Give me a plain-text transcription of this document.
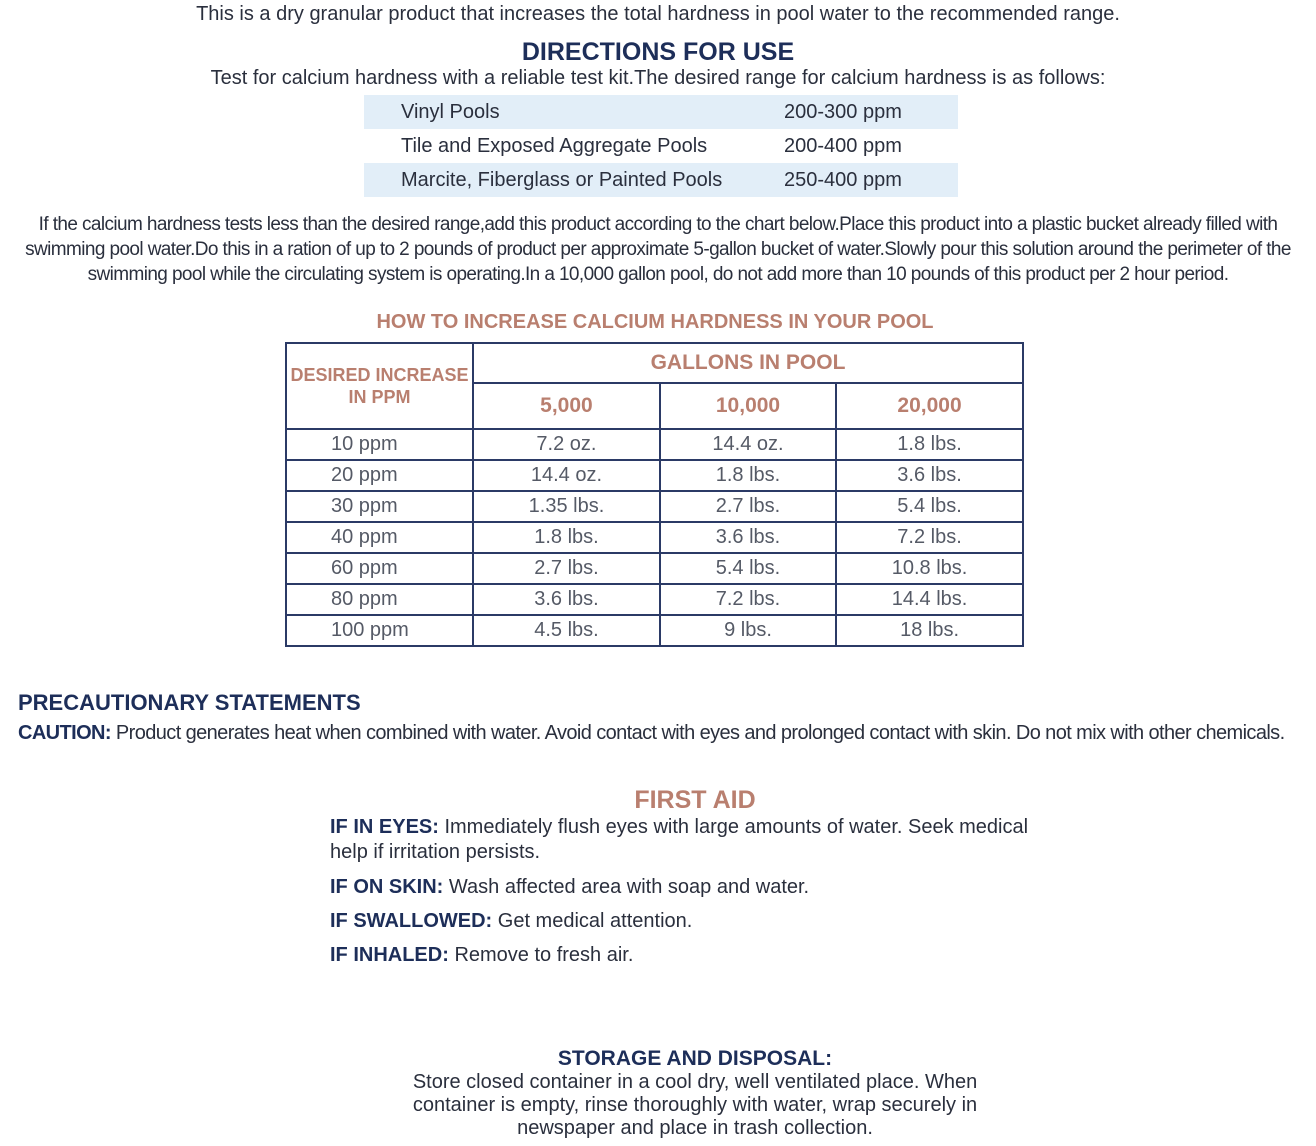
This is a dry granular product that increases the total hardness in pool water to the recommended range.
DIRECTIONS FOR USE
Test for calcium hardness with a reliable test kit.The desired range for calcium hardness is as follows:
Vinyl Pools	200-300 ppm
Tile and Exposed Aggregate Pools	200-400 ppm
Marcite, Fiberglass or Painted Pools	250-400 ppm
If the calcium hardness tests less than the desired range,add this product according to the chart below.Place this product into a plastic bucket already filled with swimming pool water.Do this in a ration of up to 2 pounds of product per approximate 5-gallon bucket of water.Slowly pour this solution around the perimeter of the swimming pool while the circulating system is operating.In a 10,000 gallon pool, do not add more than 10 pounds of this product per 2 hour period.
HOW TO INCREASE CALCIUM HARDNESS IN YOUR POOL
DESIRED INCREASE IN PPM	GALLONS IN POOL		
	5,000	10,000	20,000
10 ppm	7.2 oz.	14.4 oz.	1.8 lbs.
20 ppm	14.4 oz.	1.8 lbs.	3.6 lbs.
30 ppm	1.35 lbs.	2.7 lbs.	5.4 lbs.
40 ppm	1.8 lbs.	3.6 lbs.	7.2 lbs.
60 ppm	2.7 lbs.	5.4 lbs.	10.8 lbs.
80 ppm	3.6 lbs.	7.2 lbs.	14.4 lbs.
100 ppm	4.5 lbs.	9 lbs.	18 lbs.
PRECAUTIONARY STATEMENTS
CAUTION: Product generates heat when combined with water. Avoid contact with eyes and prolonged contact with skin. Do not mix with other chemicals.
FIRST AID
IF IN EYES: Immediately flush eyes with large amounts of water. Seek medical help if irritation persists.
IF ON SKIN: Wash affected area with soap and water.
IF SWALLOWED: Get medical attention.
IF INHALED: Remove to fresh air.
STORAGE AND DISPOSAL:
Store closed container in a cool dry, well ventilated place. When container is empty, rinse thoroughly with water, wrap securely in newspaper and place in trash collection.
